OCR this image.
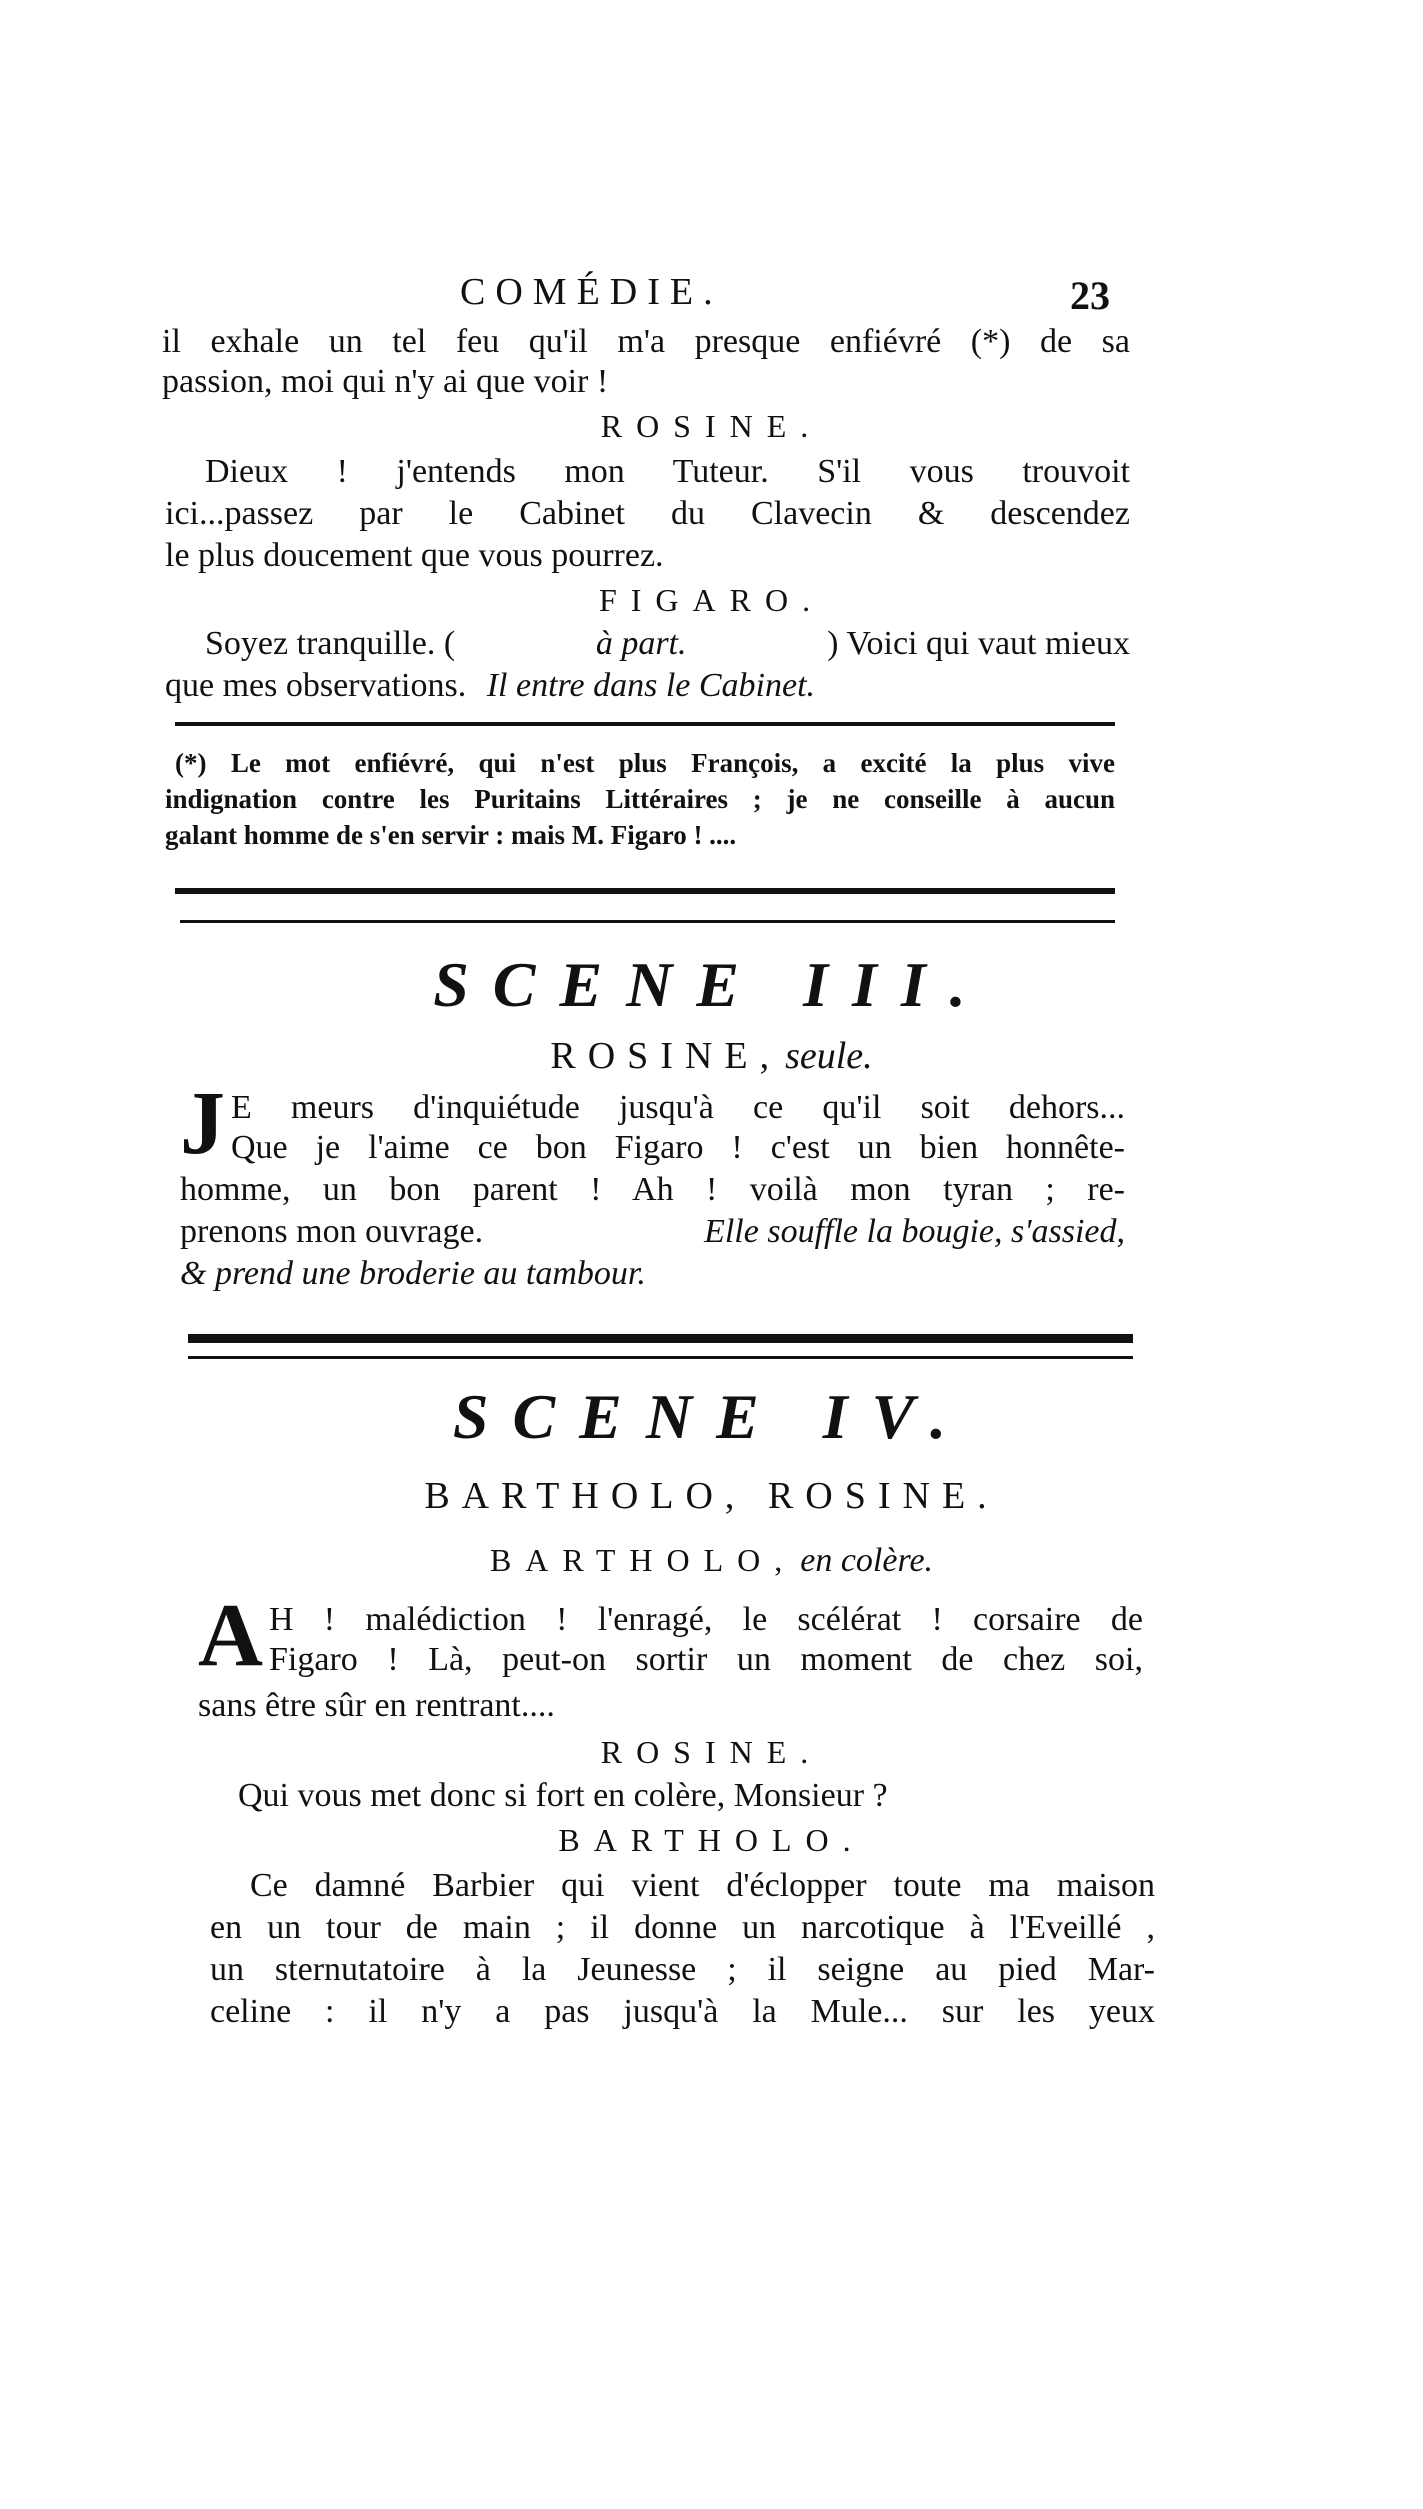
COMÉDIE.	23
il exhale un tel feu qu'il m'a presque enfiévré (*) de sa
passion, moi qui n'y ai que voir !
ROSINE.
Dieux ! j'entends mon Tuteur. S'il vous trouvoit
ici...passez par le Cabinet du Clavecin & descendez
le plus doucement que vous pourrez.
FIGARO.
Soyez tranquille. (	à part.	) Voici qui vaut mieux
que mes observations. Il entre dans le Cabinet.
(*) Le mot enfiévré, qui n'est plus François, a excité la plus vive
indignation contre les Puritains Littéraires ; je ne conseille à aucun
galant homme de s'en servir : mais M. Figaro ! ....
SCENE III.
ROSINE, seule.
J E meurs d'inquiétude jusqu'à ce qu'il soit dehors...
Que je l'aime ce bon Figaro ! c'est un bien honnête-
homme, un bon parent ! Ah ! voilà mon tyran ; re-
prenons mon ouvrage.	Elle souffle la bougie, s'assied,
& prend une broderie au tambour.
SCENE IV.
BARTHOLO, ROSINE.
BARTHOLO, en colère.
A H ! malédiction ! l'enragé, le scélérat ! corsaire de
Figaro ! Là, peut-on sortir un moment de chez soi,
sans être sûr en rentrant....
ROSINE.
Qui vous met donc si fort en colère, Monsieur ?
BARTHOLO.
Ce damné Barbier qui vient d'éclopper toute ma maison
en un tour de main ; il donne un narcotique à l'Eveillé ,
un sternutatoire à la Jeunesse ; il seigne au pied Mar-
celine : il n'y a pas jusqu'à la Mule... sur les yeux
